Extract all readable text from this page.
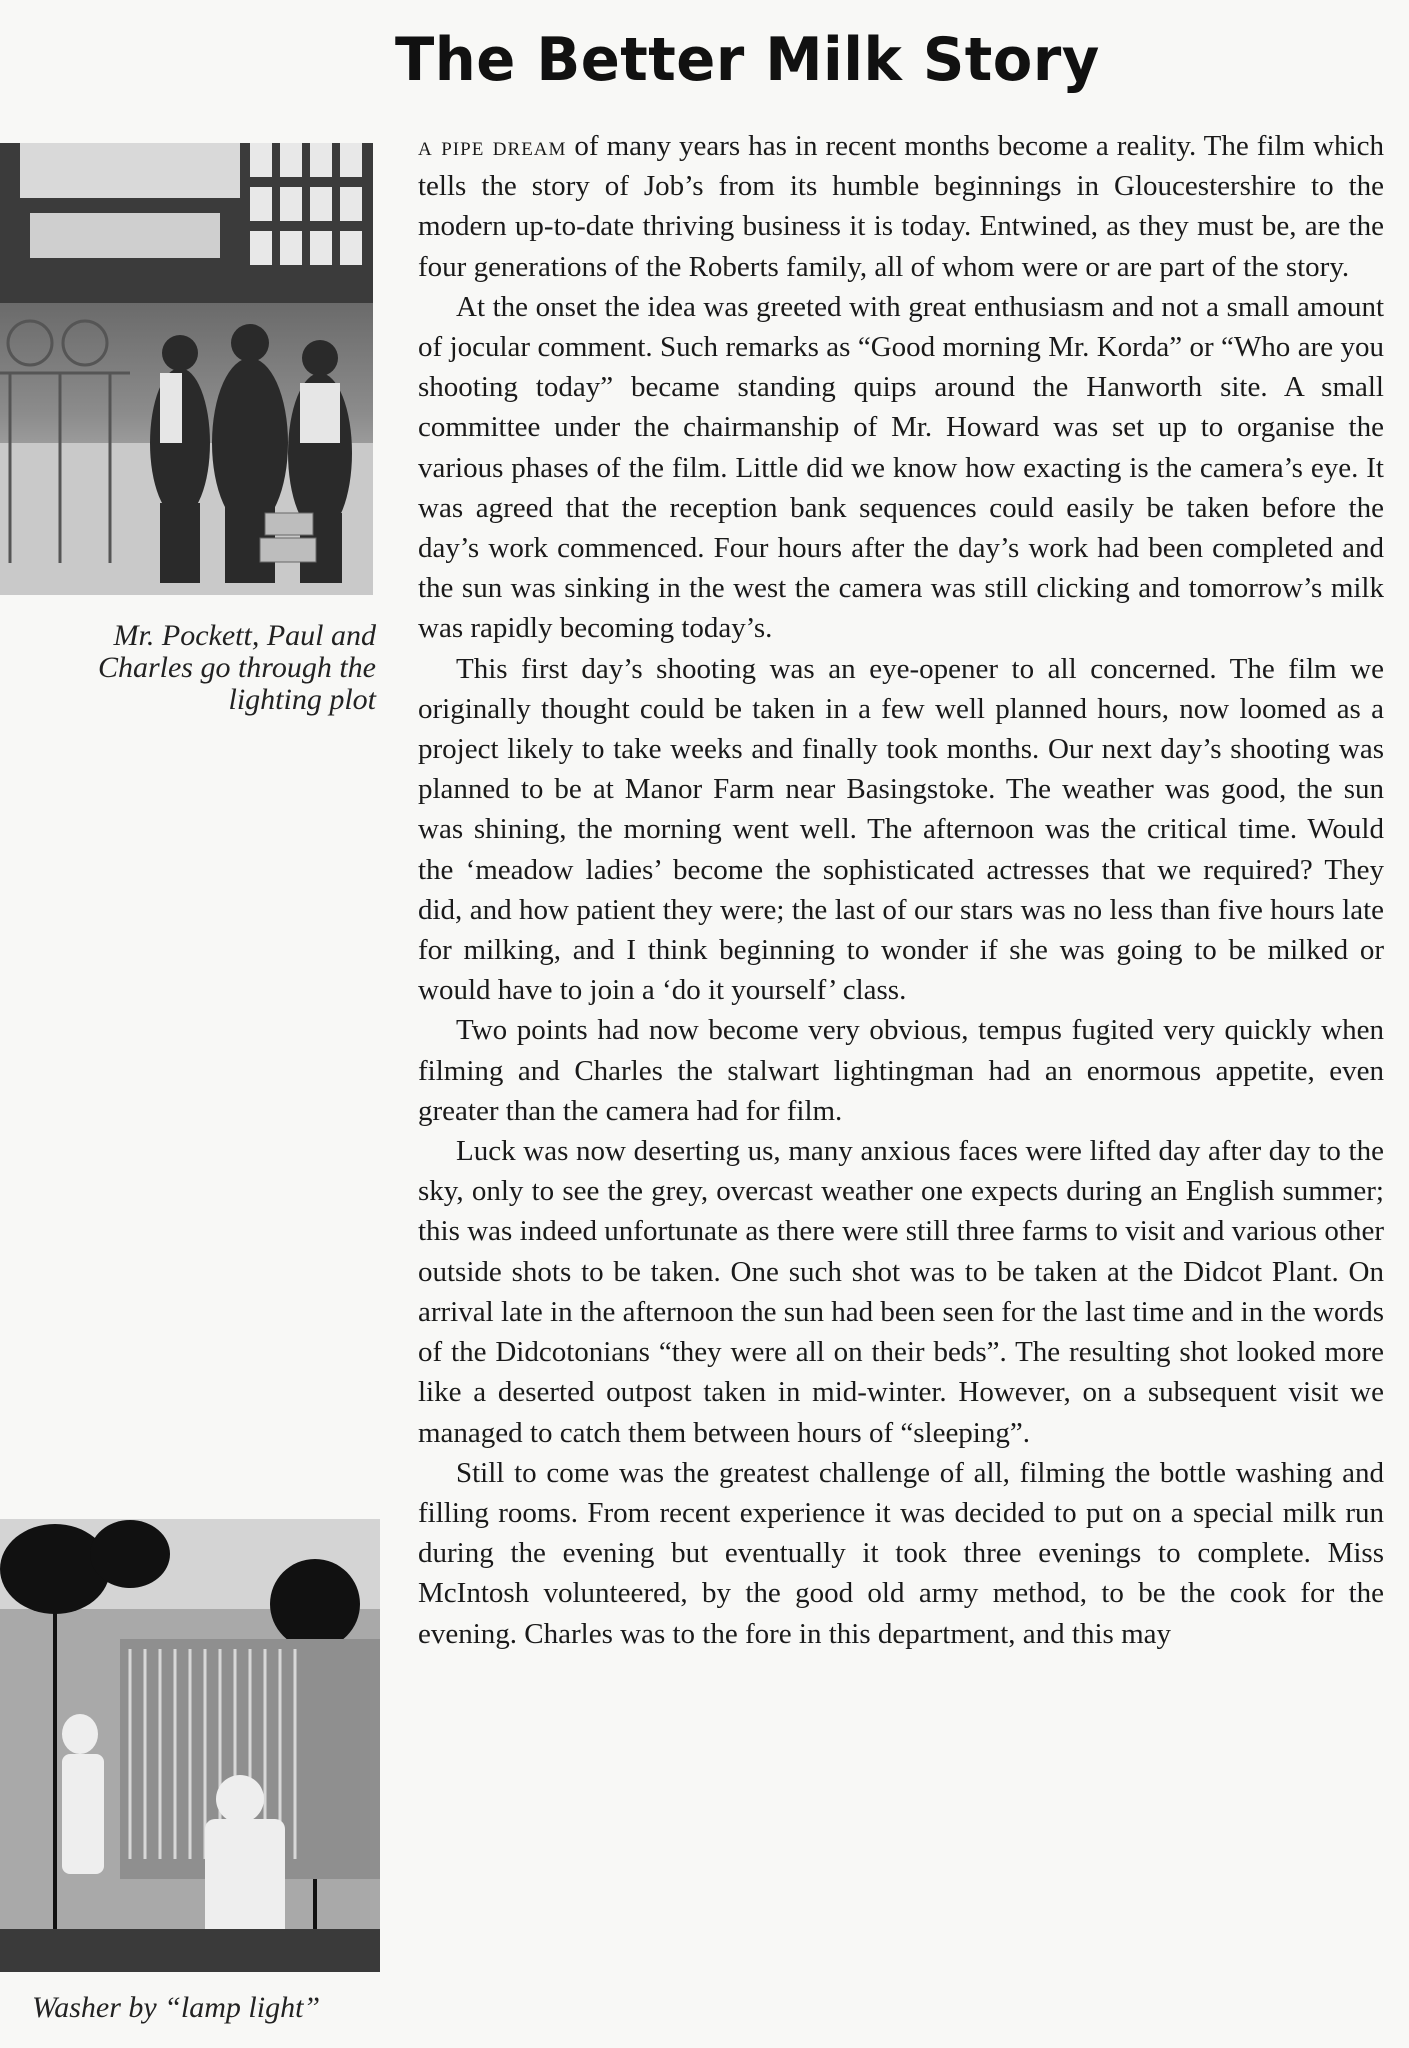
The Better Milk Story

Mr. Pockett, Paul and Charles go through the lighting plot

Washer by “lamp light”

a pipe dream of many years has in recent months become a reality. The film which tells the story of Job’s from its humble beginnings in Gloucestershire to the modern up-to-date thriving business it is today. Entwined, as they must be, are the four generations of the Roberts family, all of whom were or are part of the story.

At the onset the idea was greeted with great enthusiasm and not a small amount of jocular comment. Such remarks as “Good morning Mr. Korda” or “Who are you shooting today” became standing quips around the Hanworth site. A small committee under the chairmanship of Mr. Howard was set up to organise the various phases of the film. Little did we know how exacting is the camera’s eye. It was agreed that the reception bank sequences could easily be taken before the day’s work commenced. Four hours after the day’s work had been completed and the sun was sinking in the west the camera was still clicking and tomorrow’s milk was rapidly becoming today’s.

This first day’s shooting was an eye-opener to all concerned. The film we originally thought could be taken in a few well planned hours, now loomed as a project likely to take weeks and finally took months. Our next day’s shooting was planned to be at Manor Farm near Basingstoke. The weather was good, the sun was shining, the morning went well. The afternoon was the critical time. Would the ‘meadow ladies’ become the sophisticated actresses that we required? They did, and how patient they were; the last of our stars was no less than five hours late for milking, and I think beginning to wonder if she was going to be milked or would have to join a ‘do it yourself’ class.

Two points had now become very obvious, tempus fugited very quickly when filming and Charles the stalwart lightingman had an enormous appetite, even greater than the camera had for film.

Luck was now deserting us, many anxious faces were lifted day after day to the sky, only to see the grey, overcast weather one expects during an English summer; this was indeed unfortunate as there were still three farms to visit and various other outside shots to be taken. One such shot was to be taken at the Didcot Plant. On arrival late in the afternoon the sun had been seen for the last time and in the words of the Didcotonians “they were all on their beds”. The resulting shot looked more like a deserted outpost taken in mid-winter. However, on a subsequent visit we managed to catch them between hours of “sleeping”.

Still to come was the greatest challenge of all, filming the bottle washing and filling rooms. From recent experience it was decided to put on a special milk run during the evening but eventually it took three evenings to complete. Miss McIntosh volunteered, by the good old army method, to be the cook for the evening. Charles was to the fore in this department, and this may
